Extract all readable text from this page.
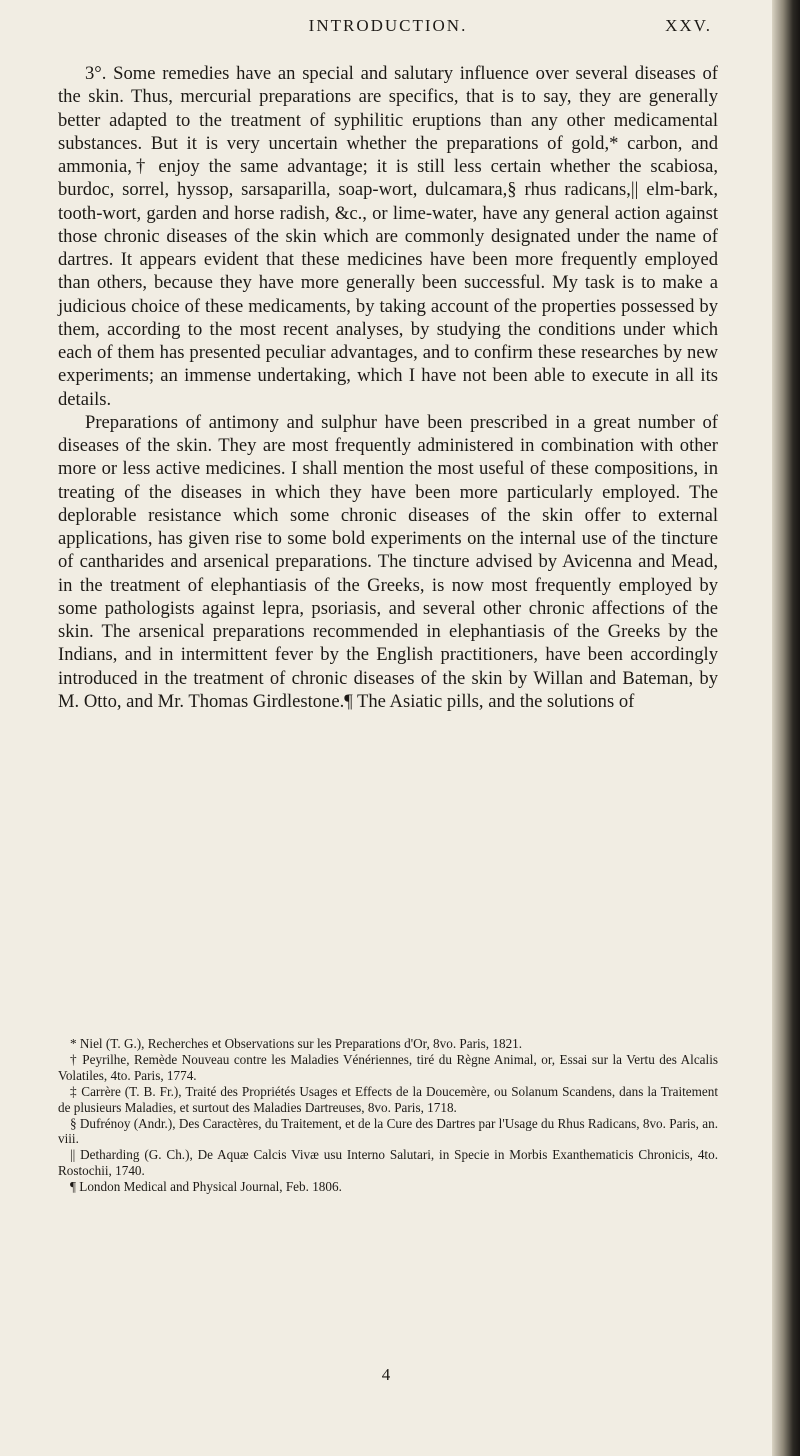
INTRODUCTION.	XXV.

3°. Some remedies have an special and salutary influence over several diseases of the skin. Thus, mercurial preparations are specifics, that is to say, they are generally better adapted to the treatment of syphilitic eruptions than any other medicamental substances. But it is very uncertain whether the preparations of gold,* carbon, and ammonia,† enjoy the same advantage; it is still less certain whether the scabiosa, burdoc, sorrel, hyssop, sarsaparilla, soap-wort, dulcamara,§ rhus radicans,|| elm-bark, tooth-wort, garden and horse radish, &c., or lime-water, have any general action against those chronic diseases of the skin which are commonly designated under the name of dartres. It appears evident that these medicines have been more frequently employed than others, because they have more generally been successful. My task is to make a judicious choice of these medicaments, by taking account of the properties possessed by them, according to the most recent analyses, by studying the conditions under which each of them has presented peculiar advantages, and to confirm these researches by new experiments; an immense undertaking, which I have not been able to execute in all its details.

Preparations of antimony and sulphur have been prescribed in a great number of diseases of the skin. They are most frequently administered in combination with other more or less active medicines. I shall mention the most useful of these compositions, in treating of the diseases in which they have been more particularly employed. The deplorable resistance which some chronic diseases of the skin offer to external applications, has given rise to some bold experiments on the internal use of the tincture of cantharides and arsenical preparations. The tincture advised by Avicenna and Mead, in the treatment of elephantiasis of the Greeks, is now most frequently employed by some pathologists against lepra, psoriasis, and several other chronic affections of the skin. The arsenical preparations recommended in elephantiasis of the Greeks by the Indians, and in intermittent fever by the English practitioners, have been accordingly introduced in the treatment of chronic diseases of the skin by Willan and Bateman, by M. Otto, and Mr. Thomas Girdlestone.¶ The Asiatic pills, and the solutions of

* Niel (T. G.), Recherches et Observations sur les Preparations d'Or, 8vo. Paris, 1821.

† Peyrilhe, Remède Nouveau contre les Maladies Vénériennes, tiré du Règne Animal, or, Essai sur la Vertu des Alcalis Volatiles, 4to. Paris, 1774.

‡ Carrère (T. B. Fr.), Traité des Propriétés Usages et Effects de la Doucemère, ou Solanum Scandens, dans la Traitement de plusieurs Maladies, et surtout des Maladies Dartreuses, 8vo. Paris, 1718.

§ Dufrénoy (Andr.), Des Caractères, du Traitement, et de la Cure des Dartres par l'Usage du Rhus Radicans, 8vo. Paris, an. viii.

|| Detharding (G. Ch.), De Aquæ Calcis Vivæ usu Interno Salutari, in Specie in Morbis Exanthematicis Chronicis, 4to. Rostochii, 1740.

¶ London Medical and Physical Journal, Feb. 1806.

4
